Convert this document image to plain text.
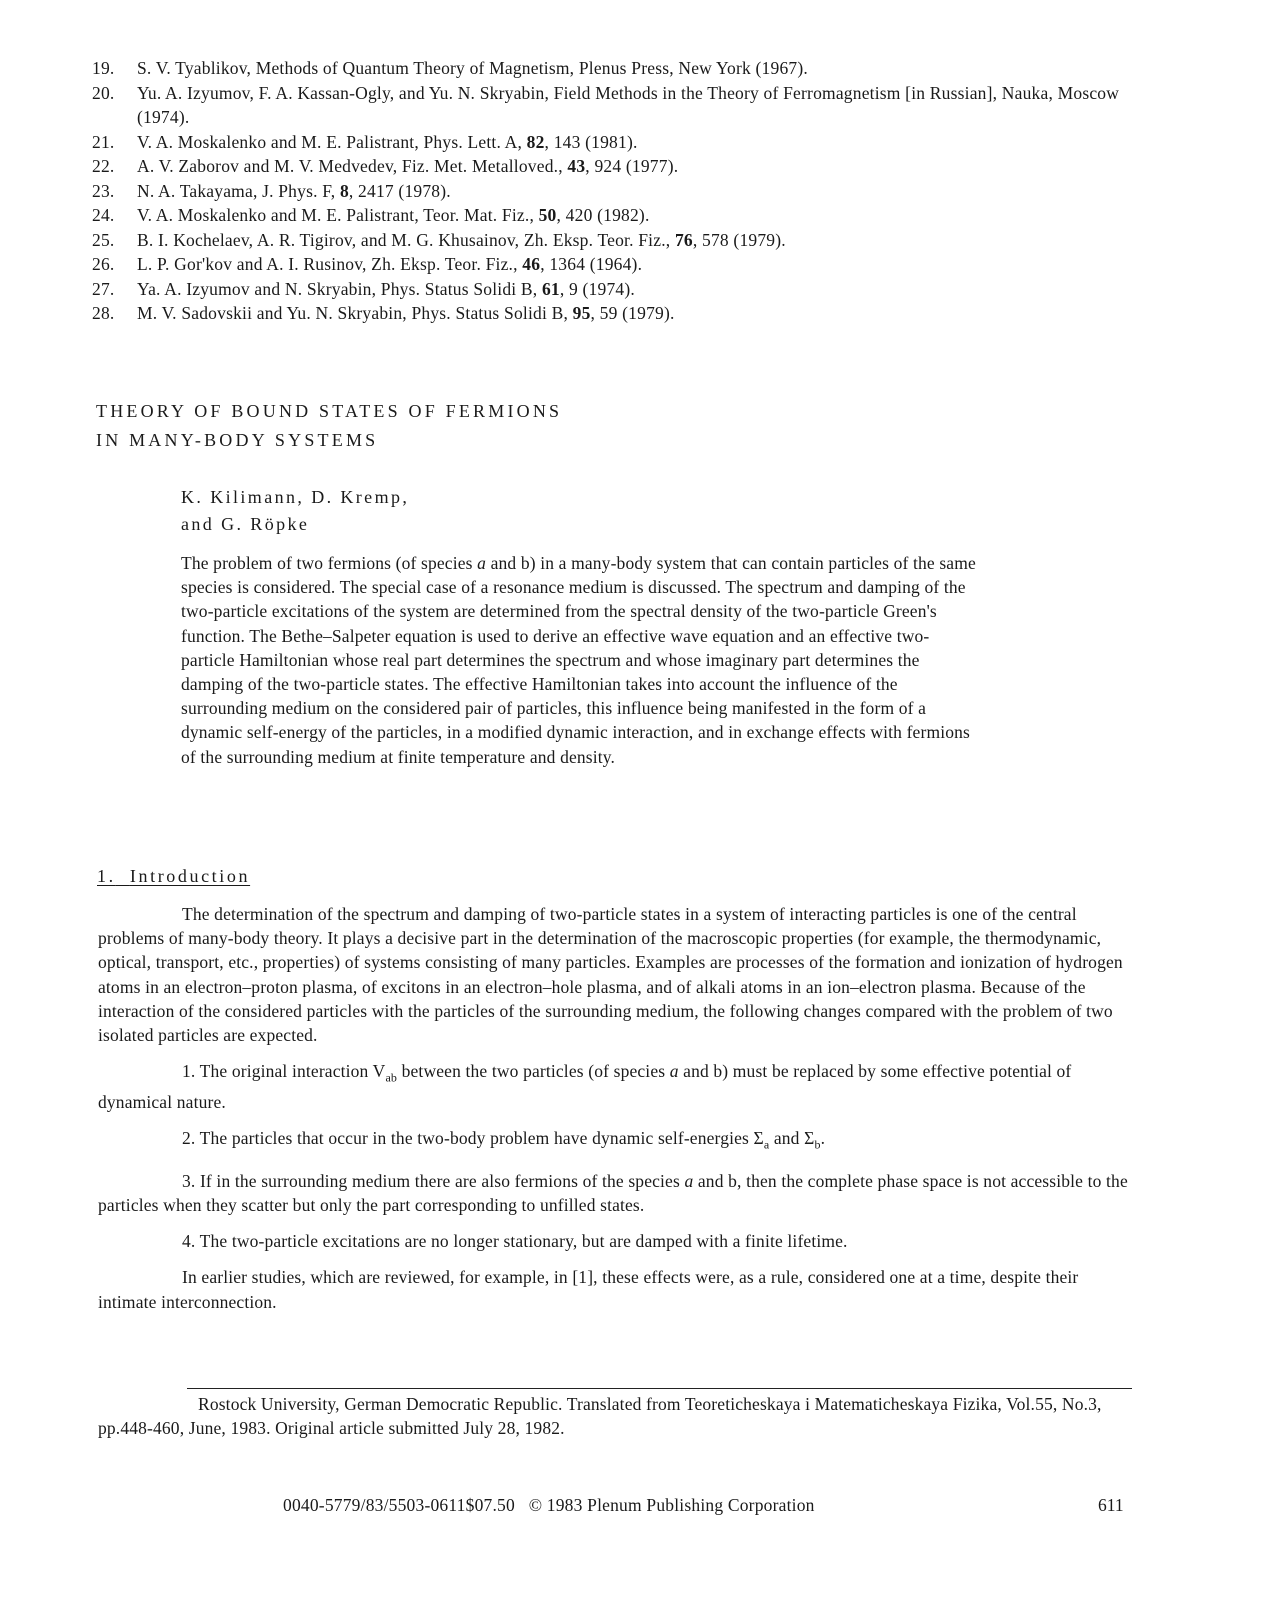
19. S. V. Tyablikov, Methods of Quantum Theory of Magnetism, Plenus Press, New York (1967).
20. Yu. A. Izyumov, F. A. Kassan-Ogly, and Yu. N. Skryabin, Field Methods in the Theory of Ferromagnetism [in Russian], Nauka, Moscow (1974).
21. V. A. Moskalenko and M. E. Palistrant, Phys. Lett. A, 82, 143 (1981).
22. A. V. Zaborov and M. V. Medvedev, Fiz. Met. Metalloved., 43, 924 (1977).
23. N. A. Takayama, J. Phys. F, 8, 2417 (1978).
24. V. A. Moskalenko and M. E. Palistrant, Teor. Mat. Fiz., 50, 420 (1982).
25. B. I. Kochelaev, A. R. Tigirov, and M. G. Khusainov, Zh. Eksp. Teor. Fiz., 76, 578 (1979).
26. L. P. Gor'kov and A. I. Rusinov, Zh. Eksp. Teor. Fiz., 46, 1364 (1964).
27. Ya. A. Izyumov and N. Skryabin, Phys. Status Solidi B, 61, 9 (1974).
28. M. V. Sadovskii and Yu. N. Skryabin, Phys. Status Solidi B, 95, 59 (1979).
THEORY OF BOUND STATES OF FERMIONS
IN MANY-BODY SYSTEMS
K. Kilimann, D. Kremp,
and G. Röpke

The problem of two fermions (of species a and b) in a many-body system that can contain particles of the same species is considered. The special case of a resonance medium is discussed. The spectrum and damping of the two-particle excitations of the system are determined from the spectral density of the two-particle Green's function. The Bethe–Salpeter equation is used to derive an effective wave equation and an effective two-particle Hamiltonian whose real part determines the spectrum and whose imaginary part determines the damping of the two-particle states. The effective Hamiltonian takes into account the influence of the surrounding medium on the considered pair of particles, this influence being manifested in the form of a dynamic self-energy of the particles, in a modified dynamic interaction, and in exchange effects with fermions of the surrounding medium at finite temperature and density.

1. Introduction

The determination of the spectrum and damping of two-particle states in a system of interacting particles is one of the central problems of many-body theory. It plays a decisive part in the determination of the macroscopic properties (for example, the thermodynamic, optical, transport, etc., properties) of systems consisting of many particles. Examples are processes of the formation and ionization of hydrogen atoms in an electron–proton plasma, of excitons in an electron–hole plasma, and of alkali atoms in an ion–electron plasma. Because of the interaction of the considered particles with the particles of the surrounding medium, the following changes compared with the problem of two isolated particles are expected.

1. The original interaction $V_{ab}$ between the two particles (of species a and b) must be replaced by some effective potential of dynamical nature.

2. The particles that occur in the two-body problem have dynamic self-energies $\Sigma_a$ and $\Sigma_b$.

3. If in the surrounding medium there are also fermions of the species a and b, then the complete phase space is not accessible to the particles when they scatter but only the part corresponding to unfilled states.

4. The two-particle excitations are no longer stationary, but are damped with a finite lifetime.

In earlier studies, which are reviewed, for example, in [1], these effects were, as a rule, considered one at a time, despite their intimate interconnection.

Rostock University, German Democratic Republic. Translated from Teoreticheskaya i Matematicheskaya Fizika, Vol.55, No.3, pp.448-460, June, 1983. Original article submitted July 28, 1982.

0040-5779/83/5503-0611$07.50 © 1983 Plenum Publishing Corporation	611
